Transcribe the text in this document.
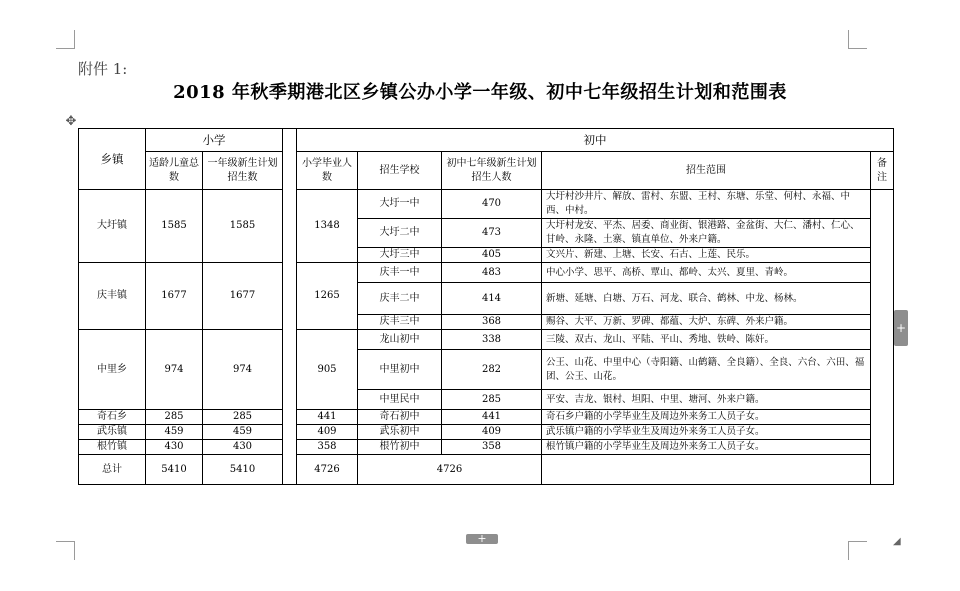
附件 1:
2018 年秋季期港北区乡镇公办小学一年级、初中七年级招生计划和范围表
✥
乡镇	小学			初中				
	适龄儿童总数	一年级新生计划招生数		小学毕业人数	招生学校	初中七年级新生计划招生人数	招生范围	备注
大圩镇	1585	1585		1348	大圩一中	470	大圩村沙井片、解放、雷村、东盟、王村、东塘、乐堂、何村、永福、中西、中村。	
					大圩二中	473	大圩村龙安、平杰、居委、商业街、银港路、金盆街、大仁、潘村、仁心、甘岭、永隆、土寨、镇直单位、外来户籍。	
					大圩三中	405	文兴片、新建、上塘、长安、石古、上莲、民乐。	
庆丰镇	1677	1677		1265	庆丰一中	483	中心小学、思平、高桥、覃山、都岭、太兴、夏里、青岭。	
					庆丰二中	414	新塘、延塘、白塘、万石、河龙、联合、鹤林、中龙、杨林。	
					庆丰三中	368	赐谷、大平、万新、罗碑、都蕴、大炉、东碑、外来户籍。	
中里乡	974	974		905	龙山初中	338	三陵、双古、龙山、平陆、平山、秀地、铁岭、陈奸。	
					中里初中	282	公王、山花、中里中心（寺阳籍、山鹤籍、全良籍）、全良、六台、六田、福团、公王、山花。	
					中里民中	285	平安、吉龙、银村、坦阳、中里、塘河、外来户籍。	
奇石乡	285	285		441	奇石初中	441	奇石乡户籍的小学毕业生及周边外来务工人员子女。	
武乐镇	459	459		409	武乐初中	409	武乐镇户籍的小学毕业生及周边外来务工人员子女。	
根竹镇	430	430		358	根竹初中	358	根竹镇户籍的小学毕业生及周边外来务工人员子女。	
总计	5410	5410		4726	4726			
+
+	◢
